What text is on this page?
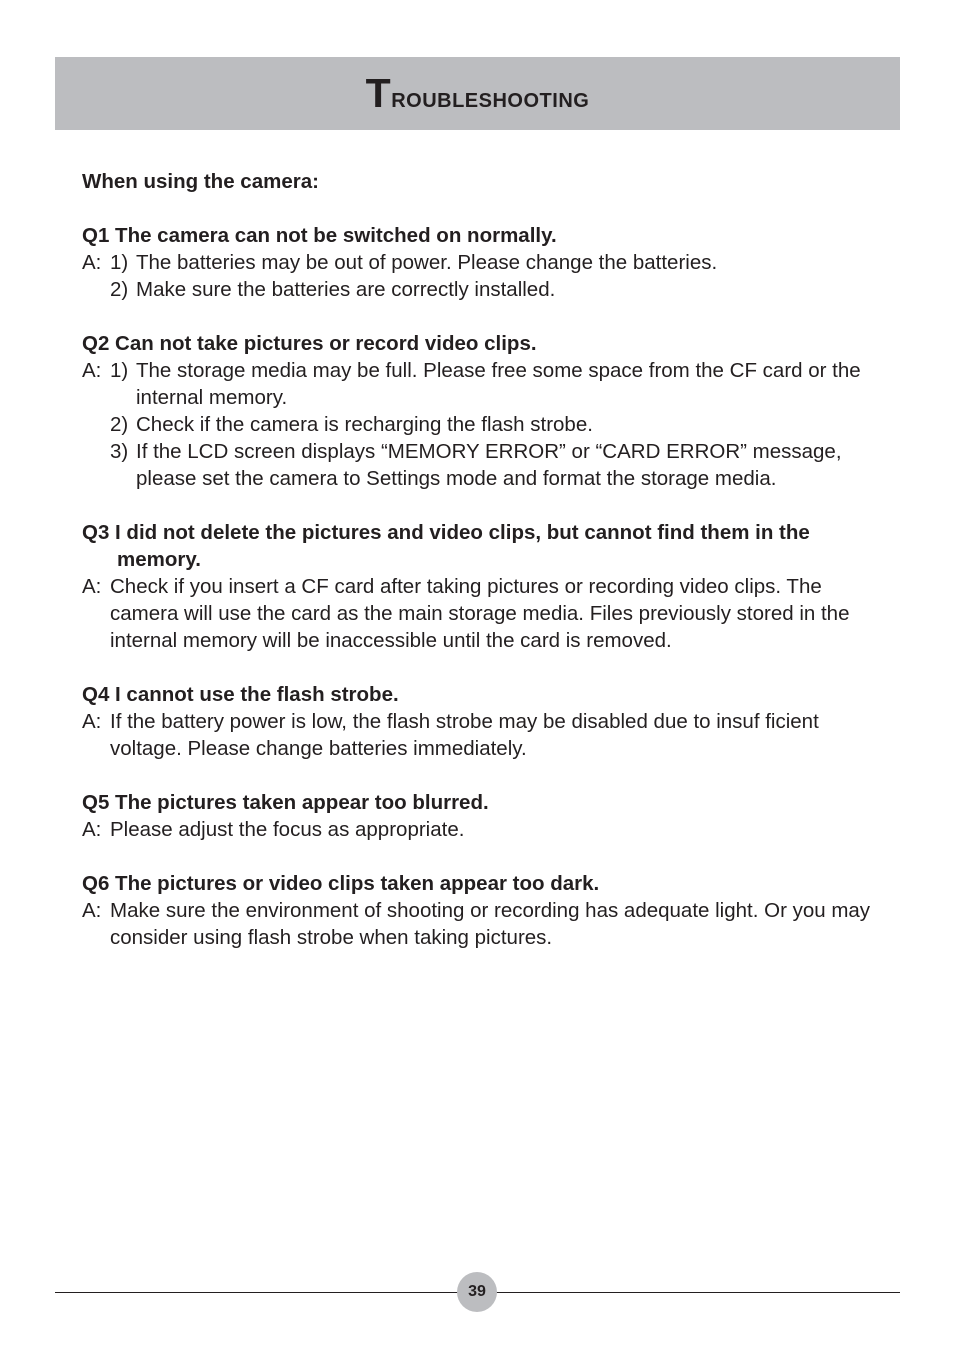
Troubleshooting

When using the camera:

Q1 The camera can not be switched on normally.

A: 1) The batteries may be out of power. Please change the batteries.
2) Make sure the batteries are correctly installed.

Q2 Can not take pictures or record video clips.

A: 1) The storage media may be full. Please free some space from the CF card or the internal memory.
2) Check if the camera is recharging the flash strobe.
3) If the LCD screen displays “MEMORY ERROR” or “CARD ERROR” message, please set the camera to Settings mode and format the storage media.

Q3 I did not delete the pictures and video clips, but cannot find them in the memory.

A: Check if you insert a CF card after taking pictures or recording video clips. The camera will use the card as the main storage media. Files previously stored in the internal memory will be inaccessible until the card is removed.

Q4 I cannot use the flash strobe.

A: If the battery power is low, the flash strobe may be disabled due to insuf ficient voltage. Please change batteries immediately.

Q5 The pictures taken appear too blurred.

A: Please adjust the focus as appropriate.

Q6 The pictures or video clips taken appear too dark.

A: Make sure the environment of shooting or recording has adequate light. Or you may consider using flash strobe when taking pictures.
39
